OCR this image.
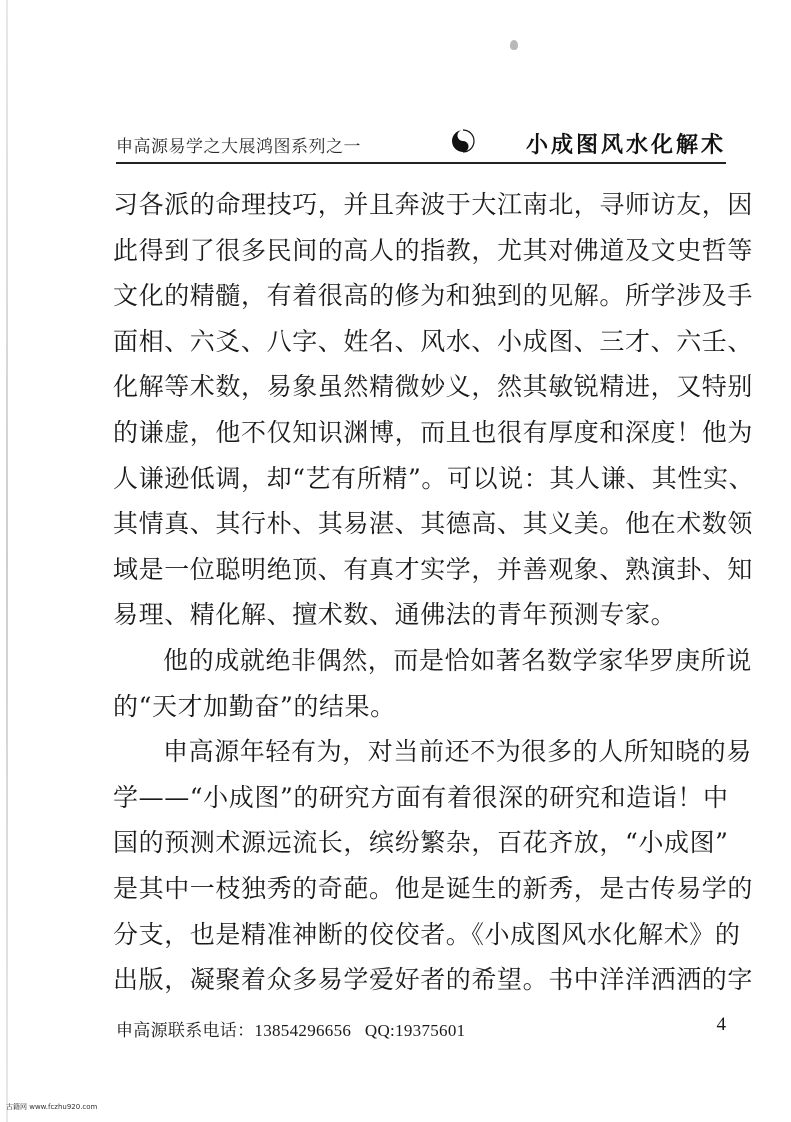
申高源易学之大展鸿图系列之一	小成图风水化解术
习各派的命理技巧，并且奔波于大江南北，寻师访友，因
此得到了很多民间的高人的指教，尤其对佛道及文史哲等
文化的精髓，有着很高的修为和独到的见解。所学涉及手
面相、六爻、八字、姓名、风水、小成图、三才、六壬、
化解等术数，易象虽然精微妙义，然其敏锐精进，又特别
的谦虚，他不仅知识渊博，而且也很有厚度和深度！他为
人谦逊低调，却“艺有所精”。可以说：其人谦、其性实、
其情真、其行朴、其易湛、其德高、其义美。他在术数领
域是一位聪明绝顶、有真才实学，并善观象、熟演卦、知
易理、精化解、擅术数、通佛法的青年预测专家。
他的成就绝非偶然，而是恰如著名数学家华罗庚所说
的“天才加勤奋”的结果。
申高源年轻有为，对当前还不为很多的人所知晓的易
学——“小成图”的研究方面有着很深的研究和造诣！中
国的预测术源远流长，缤纷繁杂，百花齐放，“小成图”
是其中一枝独秀的奇葩。他是诞生的新秀，是古传易学的
分支，也是精准神断的佼佼者。《小成图风水化解术》的
出版，凝聚着众多易学爱好者的希望。书中洋洋洒洒的字
申高源联系电话：13854296656 QQ:19375601	4
古籍网 www.fczhu920.com
